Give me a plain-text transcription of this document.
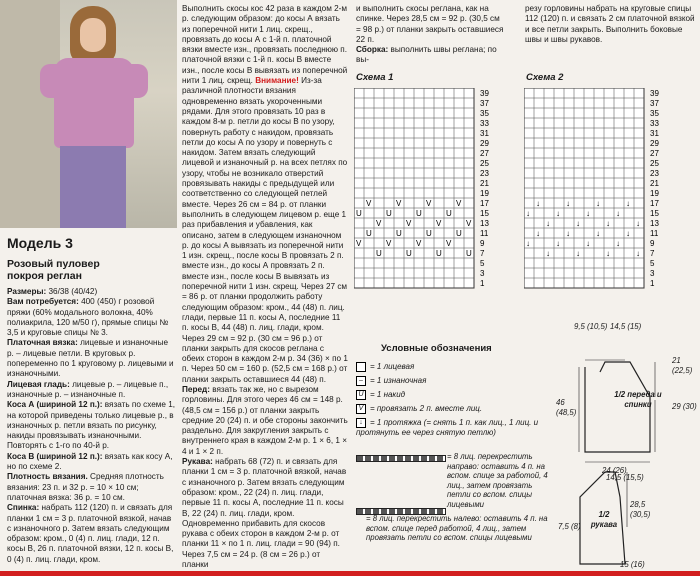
Модель 3
Розовый пуловер
покроя реглан

Размеры: 36/38 (40/42)

Вам потребуется: 400 (450) г розовой пряжи (60% модального волокна, 40% полиакрила, 120 м/50 г), прямые спицы № 3,5 и круговые спицы № 3.

Платочная вязка: лицевые и изнаночные р. – лицевые петли. В круговых р. попеременно по 1 круговому р. лицевыми и изнаночными.

Лицевая гладь: лицевые р. – лицевые п., изнаночные р. – изнаночные п.

Коса А (шириной 12 п.): вязать по схеме 1, на которой приведены только лицевые р., в изнаночных р. петли вязать по рисунку, накиды провязывать изнаночными. Повторять с 1-го по 40-й р.

Коса В (шириной 12 п.): вязать как косу А, но по схеме 2.

Плотность вязания. Средняя плотность вязания: 23 п. и 32 р. = 10 × 10 см; платочная вязка: 36 р. = 10 см.

Спинка: набрать 112 (120) п. и связать для планки 1 см = 3 р. платочной вязкой, начав с изнаночного р. Затем вязать следующим образом: кром., 0 (4) п. лиц. глади, 12 п. косы В, 26 п. платочной вязки, 12 п. косы В, 0 (4) п. лиц. глади, кром.

Выполнить скосы кос 42 раза в каждом 2-м р. следующим образом: до косы А вязать из поперечной нити 1 лиц. скрещ., провязать до косы А с 1-й п. платочной вязки вместе изн., провязать последнюю п. платочной вязки с 1-й п. косы В вместе изн., после косы В вывязать из поперечной нити 1 лиц. скрещ. Внимание! Из-за различной плотности вязания одновременно вязать укороченными рядами. Для этого провязать 10 раз в каждом 8-м р. петли до косы В по узору, повернуть работу с накидом, провязать петли до косы А по узору и повернуть с накидом. Затем вязать следующий лицевой и изнаночный р. на всех петлях по узору, чтобы не возникало отверстий провязывать накиды с предыдущей или соответственно со следующей петлей вместе. Через 26 см = 84 р. от планки выполнить в следующем лицевом р. еще 1 раз прибавления и убавления, как описано, затем в следующем изнаночном р. до косы А вывязать из поперечной нити 1 изн. скрещ., после косы В провязать 2 п. вместе изн., до косы А провязать 2 п. вместе изн., после косы В вывязать из поперечной нити 1 изн. скрещ. Через 27 см = 86 р. от планки продолжить работу следующим образом: кром., 44 (48) п. лиц. глади, первые 11 п. косы А, последние 11 п. косы В, 44 (48) п. лиц. глади, кром. Через 29 см = 92 р. (30 см = 96 р.) от планки закрыть для скосов реглана с обеих сторон в каждом 2-м р. 34 (36) × по 1 п. Через 50 см = 160 р. (52,5 см = 168 р.) от планки закрыть оставшиеся 44 (48) п.

Перед: вязать так же, но с вырезом горловины. Для этого через 46 см = 148 р. (48,5 см = 156 р.) от планки закрыть средние 20 (24) п. и обе стороны закончить раздельно. Для закругления закрыть с внутреннего края в каждом 2-м р. 1 × 6, 1 × 4 и 1 × 2 п.

Рукава: набрать 68 (72) п. и связать для планки 1 см = 3 р. платочной вязкой, начав с изнаночного р. Затем вязать следующим образом: кром., 22 (24) п. лиц. глади, первые 11 п. косы А, последние 11 п. косы В, 22 (24) п. лиц. глади, кром. Одновременно прибавить для скосов рукава с обеих сторон в каждом 2-м р. от планки 11 × по 1 п. лиц. глади = 90 (94) п. Через 7,5 см = 24 р. (8 см = 26 р.) от планки

и выполнить скосы реглана, как на спинке. Через 28,5 см = 92 р. (30,5 см = 98 р.) от планки закрыть оставшиеся 22 п.

Сборка: выполнить швы реглана; по вы-

резу горловины набрать на круговые спицы 112 (120) п. и связать 2 см платочной вязкой и все петли закрыть. Выполнить боковые швы и швы рукавов.

Схема 1	Схема 2
39
37
35
33
31
29
27
25
23
21
19
17
15
13
11
9
7
5
3
1
V	V	V	V
U	U	U	U
V	V	V	V
U	U	U	U
V	V	V	V
U	U	U	U
39
37
35
33
31
29
27
25
23
21
19
17
15
13
11
9
7
5
3
1
↓	↓	↓	↓
↓	↓	↓	↓
↓	↓	↓	↓
↓	↓	↓	↓
↓	↓	↓	↓
↓	↓	↓	↓
Условные обозначения
= 1 лицевая
– = 1 изнаночная
U = 1 накид
V = провязать 2 п. вместе лиц.
↓ = 1 протяжка (= снять 1 п. как лиц., 1 лиц. и протянуть ее через снятую петлю)
= 8 лиц. перекрестить направо: оставить 4 п. на вспом. спице за работой, 4 лиц., затем провязать петли со вспом. спицы лицевыми
= 8 лиц. перекрестить налево: оставить 4 п. на вспом. спице перед работой, 4 лиц., затем провязать петли со вспом. спицы лицевыми
9,5 (10,5) 14,5 (15)
21 (22,5)
46 (48,5)
29 (30)
24 (26)
1/2 переда и спинки
14,5 (15,5)
28,5 (30,5)
7,5 (8)
15 (16)
1/2 рукава
